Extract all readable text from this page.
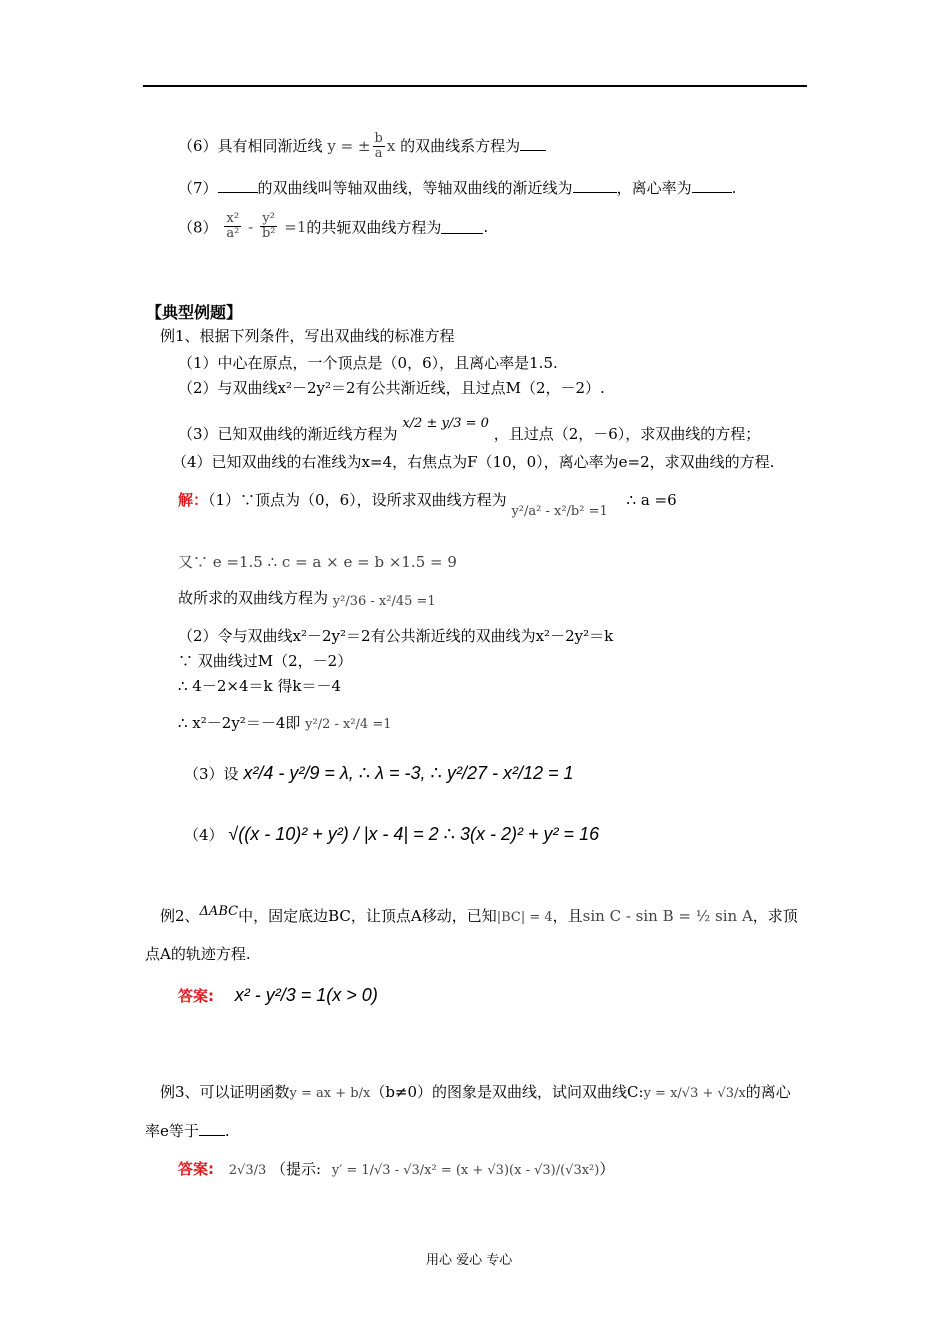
（6）具有相同渐近线 y = ± $\frac{b}{a}$ x 的双曲线系方程为
（7）	的双曲线叫等轴双曲线，等轴双曲线的渐近线为	，离心率为	.
$(8) \frac{\text{x²}}{\text{a²}} - \frac{\text{y²}}{\text{b²}} =1$的共轭双曲线方程为	.
【典型例题】
例1、根据下列条件，写出双曲线的标准方程
（1）中心在原点，一个顶点是（0，6），且离心率是1.5.
（2）与双曲线x²－2y²＝2有公共渐近线，且过点M（2，－2）.
（3）已知双曲线的渐近线方程为 x/2 ± y/3 = 0 ，且过点（2，－6），求双曲线的方程；
（4）已知双曲线的右准线为x=4，右焦点为F（10，0），离心率为e=2，求双曲线的方程.
解：（1）∵顶点为（0，6），设所求双曲线方程为 y²/a² - x²/b² =1 ∴ a =6
又∵ e =1.5 ∴ c = a × e = b ×1.5 = 9
故所求的双曲线方程为 y²/36 - x²/45 =1
（2）令与双曲线x²－2y²＝2有公共渐近线的双曲线为x²－2y²＝k
∵ 双曲线过M（2，－2）
∴ 4－2×4＝k 得k＝－4
∴ x²－2y²＝－4即 y²/2 - x²/4 =1
（3）设 x²/4 - y²/9 = λ, ∴ λ = -3, ∴ y²/27 - x²/12 = 1
（4） √((x - 10)² + y²) / |x - 4| = 2 ∴ 3(x - 2)² + y² = 16
例2、ΔABC中，固定底边BC，让顶点A移动，已知|BC| = 4，且sin C - sin B = ½ sin A，求顶
点A的轨迹方程.
答案: x² - y²/3 = 1(x > 0)
例3、可以证明函数y = ax + b/x（b≠0）的图象是双曲线，试问双曲线C:y = x/√3 + √3/x的离心
率e等于 .
答案: 2√3/3 （提示: y′ = 1/√3 - √3/x² = (x + √3)(x - √3)/(√3x²)）
用心 爱心 专心
